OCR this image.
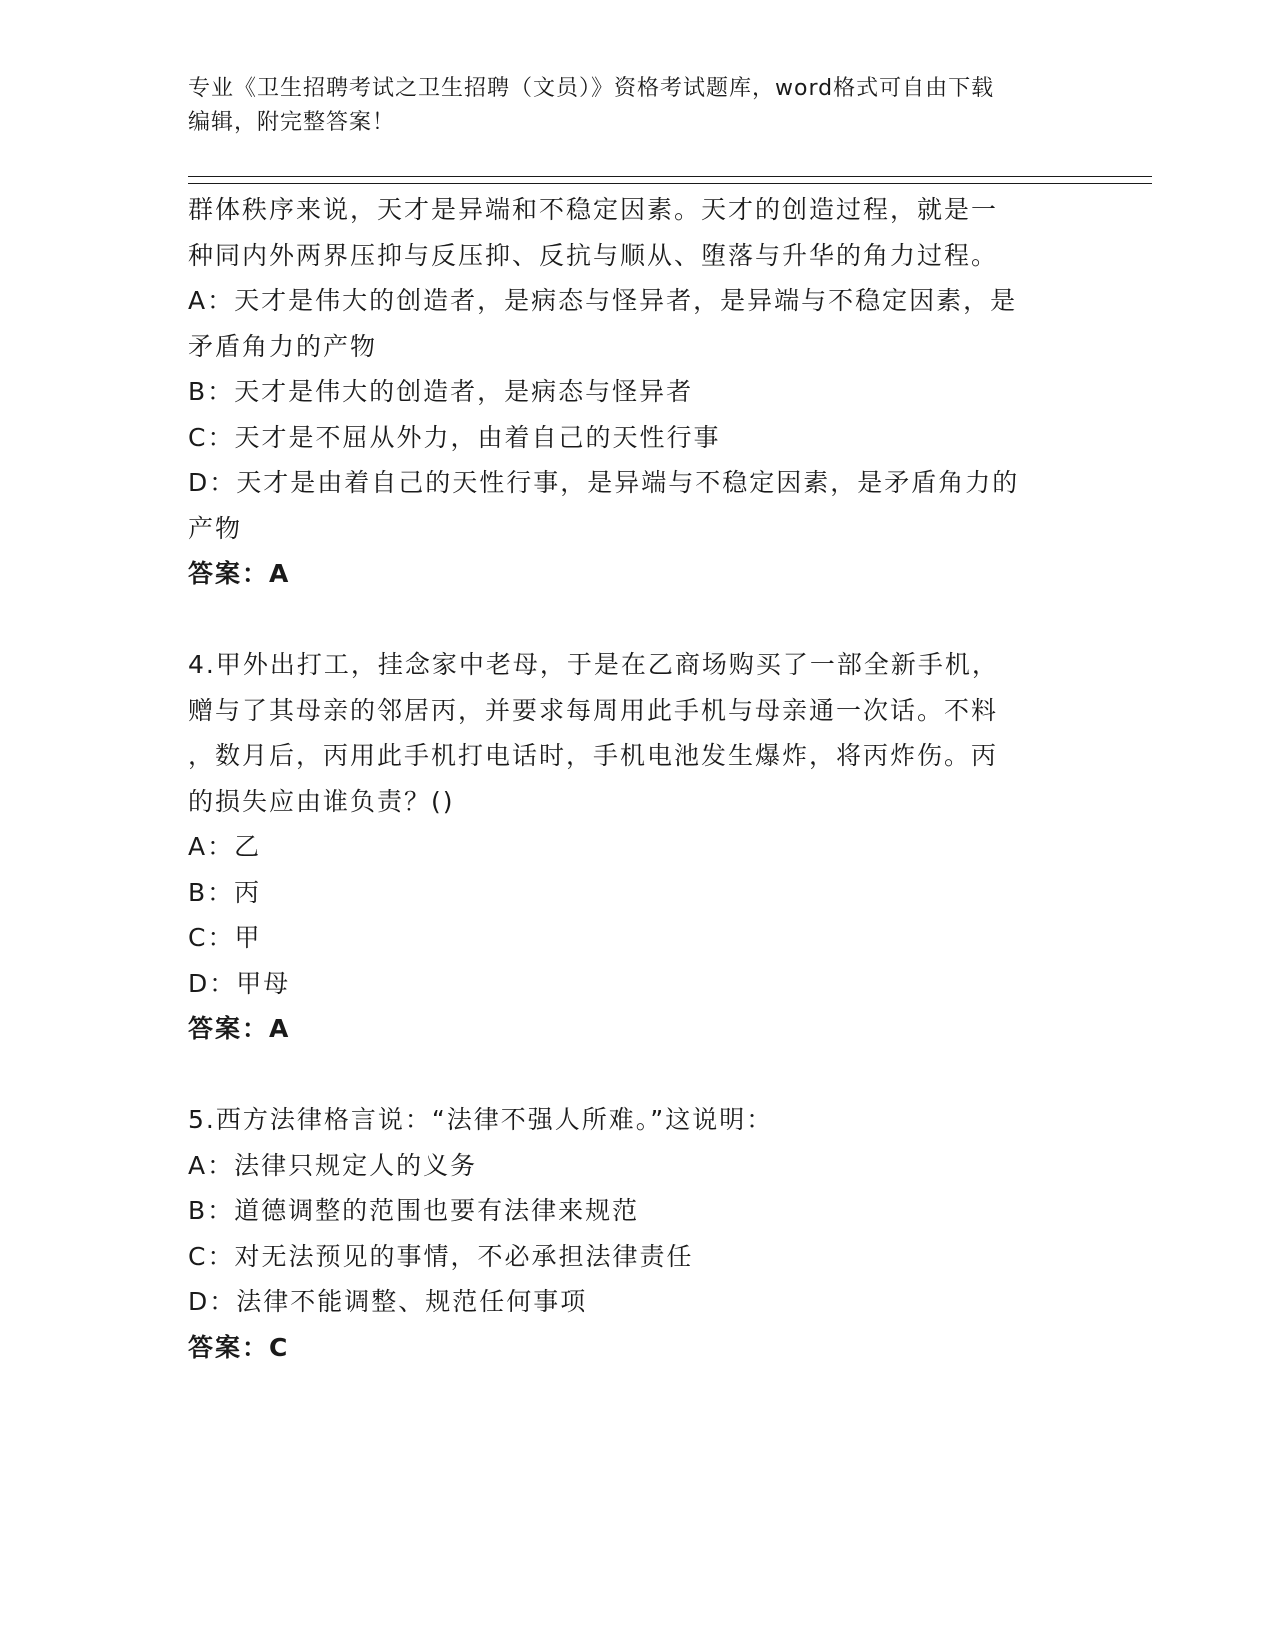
专业《卫生招聘考试之卫生招聘（文员）》资格考试题库，word格式可自由下载
编辑，附完整答案！
群体秩序来说，天才是异端和不稳定因素。天才的创造过程，就是一
种同内外两界压抑与反压抑、反抗与顺从、堕落与升华的角力过程。
A：天才是伟大的创造者，是病态与怪异者，是异端与不稳定因素，是
矛盾角力的产物
B：天才是伟大的创造者，是病态与怪异者
C：天才是不屈从外力，由着自己的天性行事
D：天才是由着自己的天性行事，是异端与不稳定因素，是矛盾角力的
产物
答案：A
4.甲外出打工，挂念家中老母，于是在乙商场购买了一部全新手机，
赠与了其母亲的邻居丙，并要求每周用此手机与母亲通一次话。不料
，数月后，丙用此手机打电话时，手机电池发生爆炸，将丙炸伤。丙
的损失应由谁负责？()
A：乙
B：丙
C：甲
D：甲母
答案：A
5.西方法律格言说：“法律不强人所难。”这说明：
A：法律只规定人的义务
B：道德调整的范围也要有法律来规范
C：对无法预见的事情，不必承担法律责任
D：法律不能调整、规范任何事项
答案：C
